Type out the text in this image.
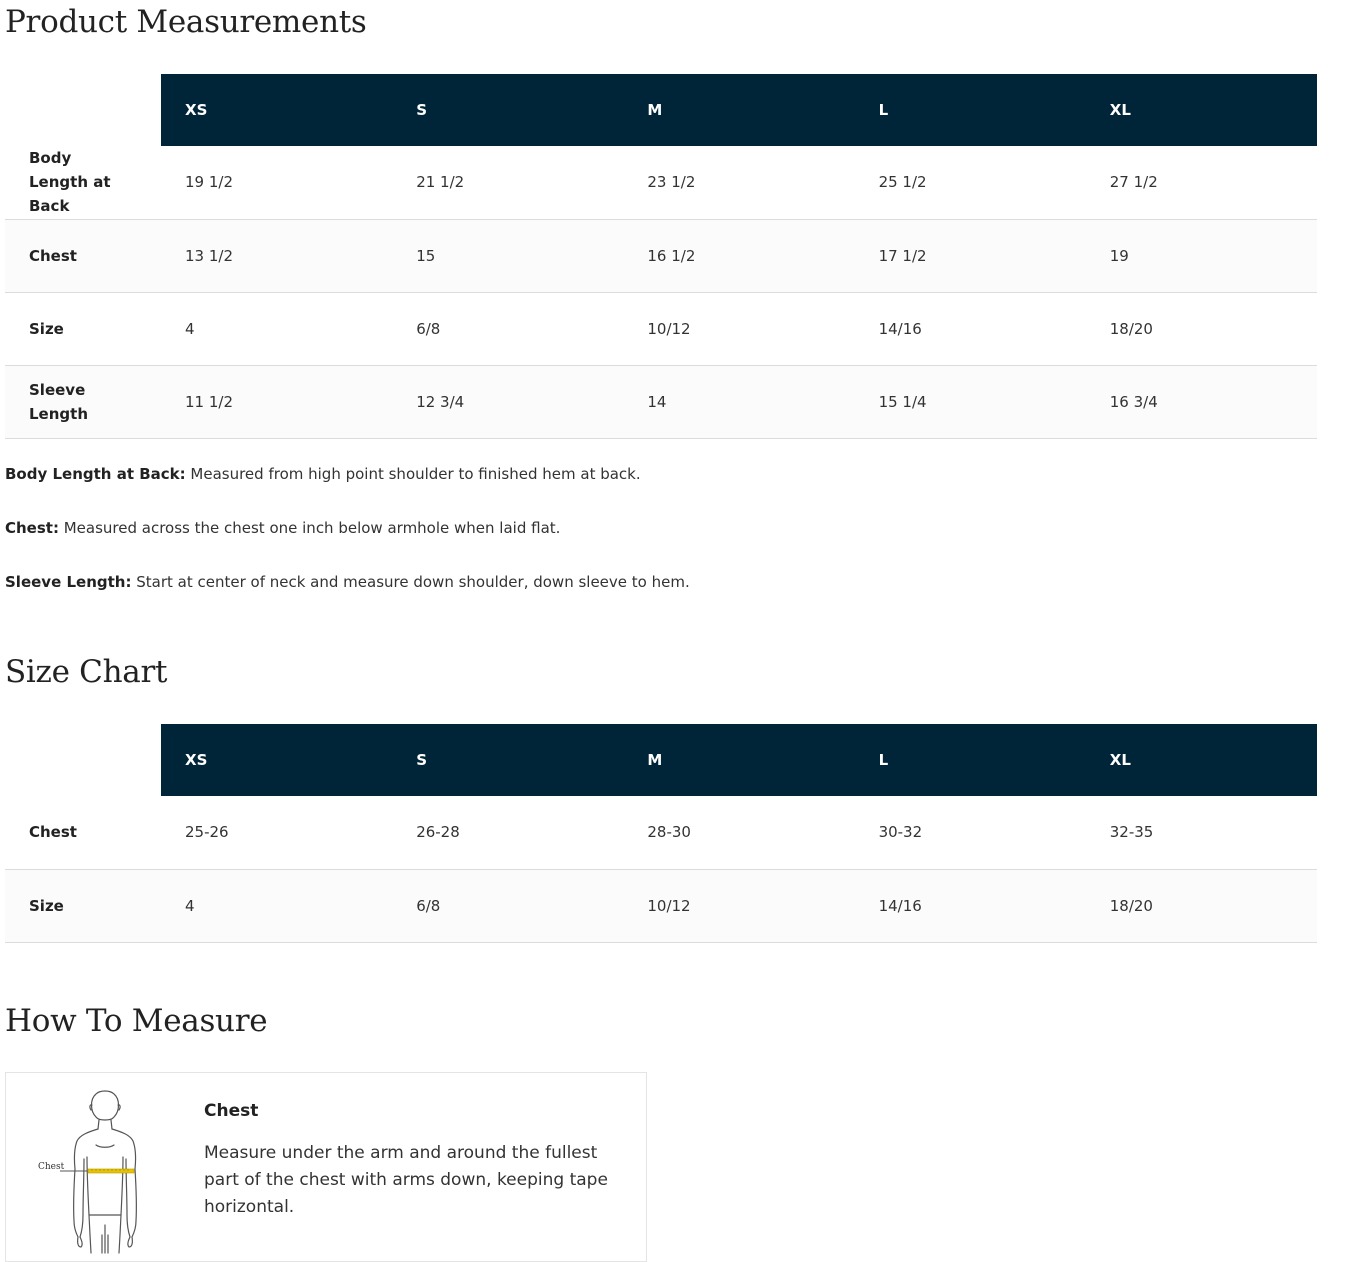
Product Measurements
	XS	S	M	L	XL
Body Length at Back	19 1/2	21 1/2	23 1/2	25 1/2	27 1/2
Chest	13 1/2	15	16 1/2	17 1/2	19
Size	4	6/8	10/12	14/16	18/20
Sleeve Length	11 1/2	12 3/4	14	15 1/4	16 3/4

Body Length at Back: Measured from high point shoulder to finished hem at back.

Chest: Measured across the chest one inch below armhole when laid flat.

Sleeve Length: Start at center of neck and measure down shoulder, down sleeve to hem.

Size Chart
	XS	S	M	L	XL
Chest	25-26	26-28	28-30	30-32	32-35
Size	4	6/8	10/12	14/16	18/20
How To Measure
Chest
Chest

Measure under the arm and around the fullest part of the chest with arms down, keeping tape horizontal.
